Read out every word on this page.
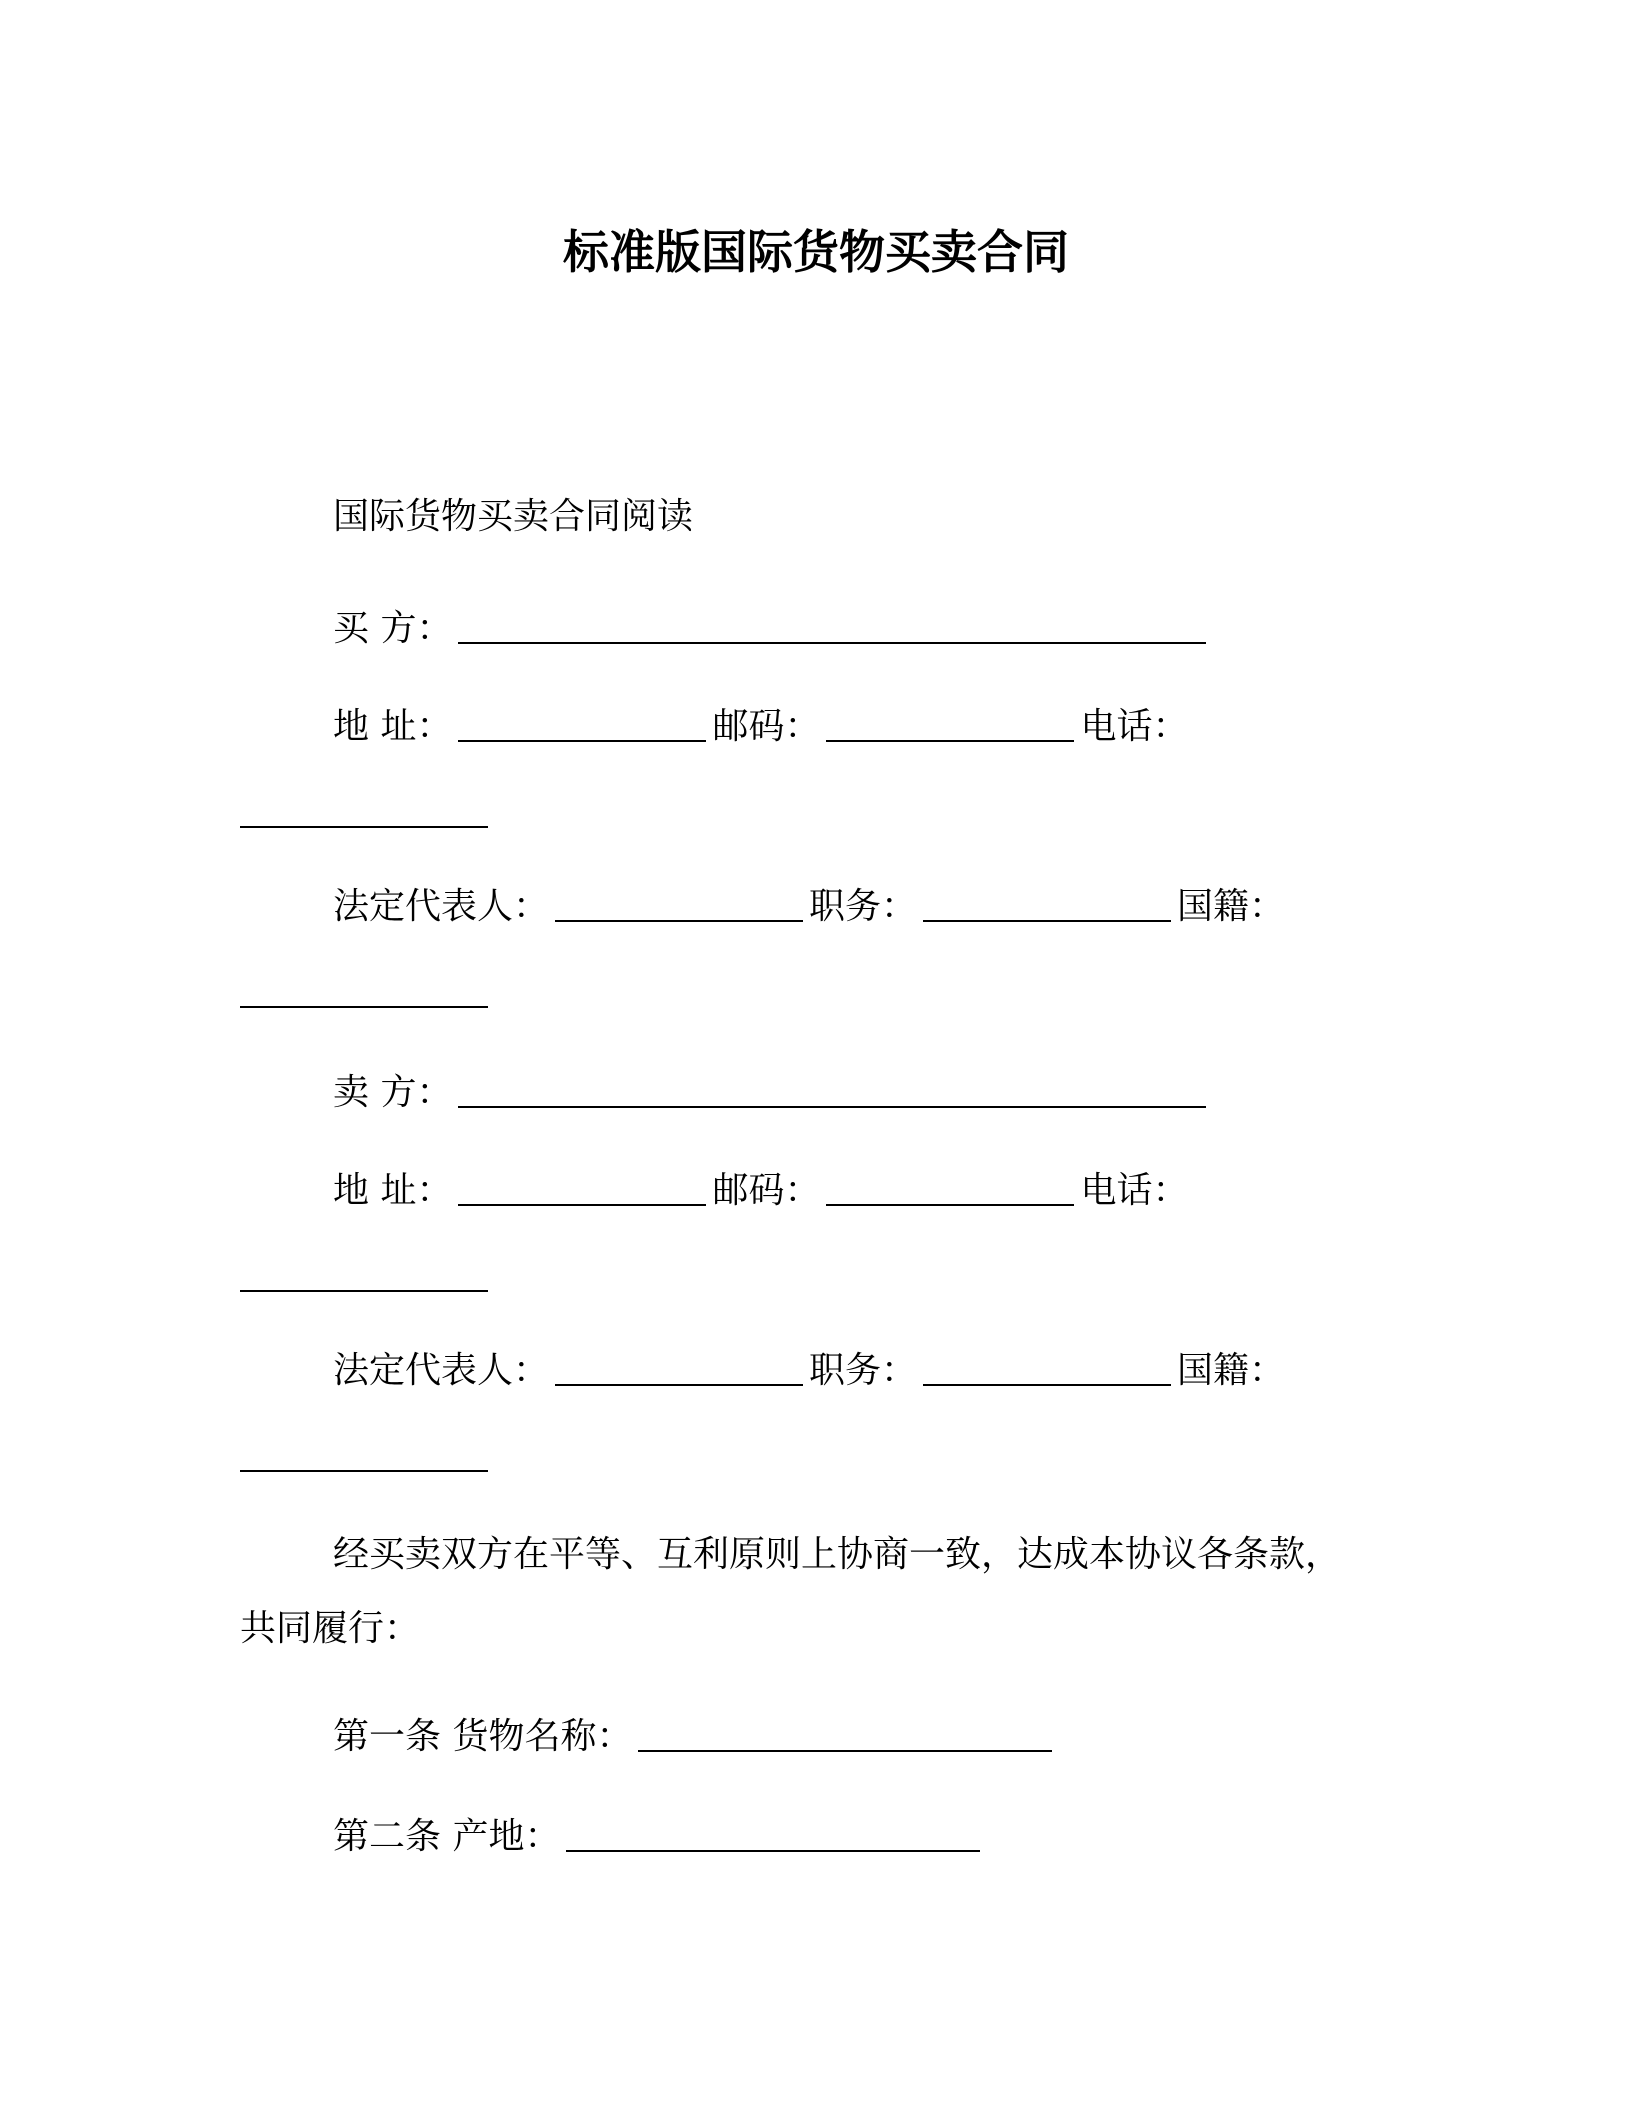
标准版国际货物买卖合同
国际货物买卖合同阅读
买 方：
地 址：	邮码：	电话：
法定代表人：	职务：	国籍：
卖 方：
地 址：	邮码：	电话：
法定代表人：	职务：	国籍：
经买卖双方在平等、互利原则上协商一致，达成本协议各条款，
共同履行：
第一条 货物名称：
第二条 产地：
